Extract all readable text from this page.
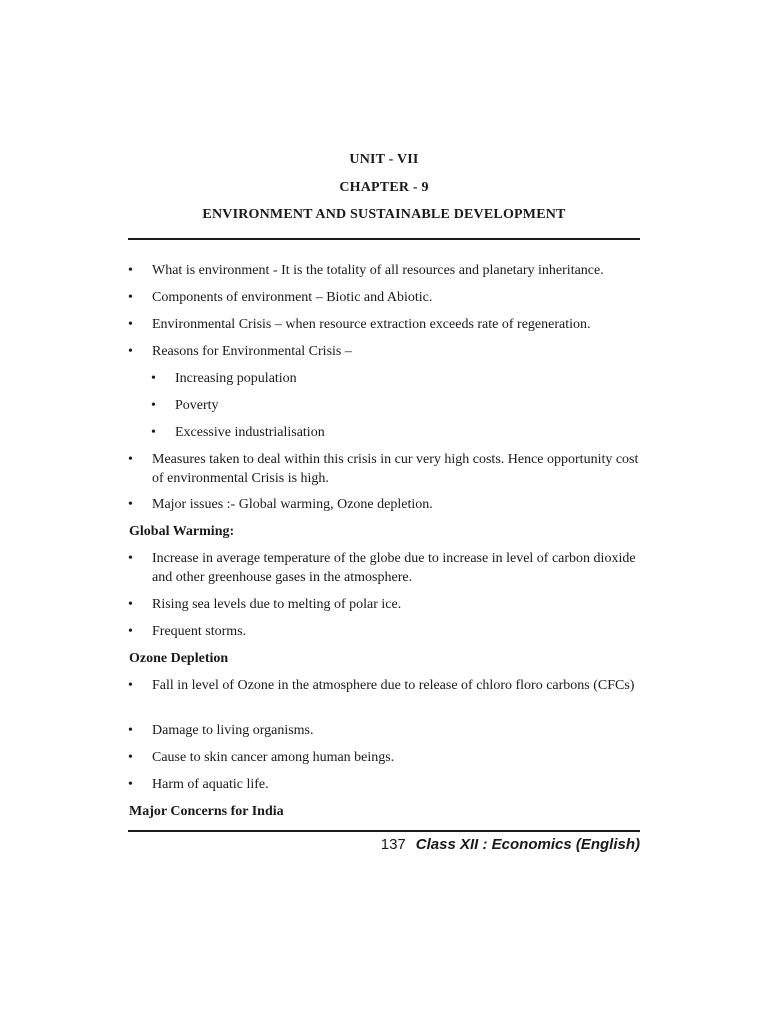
UNIT - VII
CHAPTER - 9
ENVIRONMENT AND SUSTAINABLE DEVELOPMENT
•	What is environment - It is the totality of all resources and planetary inheritance.
•	Components of environment – Biotic and Abiotic.
•	Environmental Crisis – when resource extraction exceeds rate of regeneration.
•	Reasons for Environmental Crisis –
•	Increasing population
•	Poverty
•	Excessive industrialisation
•	Measures taken to deal within this crisis in cur very high costs. Hence opportunity cost of environmental Crisis is high.
•	Major issues :- Global warming, Ozone depletion.
Global Warming:
•	Increase in average temperature of the globe due to increase in level of carbon dioxide and other greenhouse gases in the atmosphere.
•	Rising sea levels due to melting of polar ice.
•	Frequent storms.
Ozone Depletion
•	Fall in level of Ozone in the atmosphere due to release of chloro floro carbons (CFCs)
•	Damage to living organisms.
•	Cause to skin cancer among human beings.
•	Harm of aquatic life.
Major Concerns for India
137 Class XII : Economics (English)
